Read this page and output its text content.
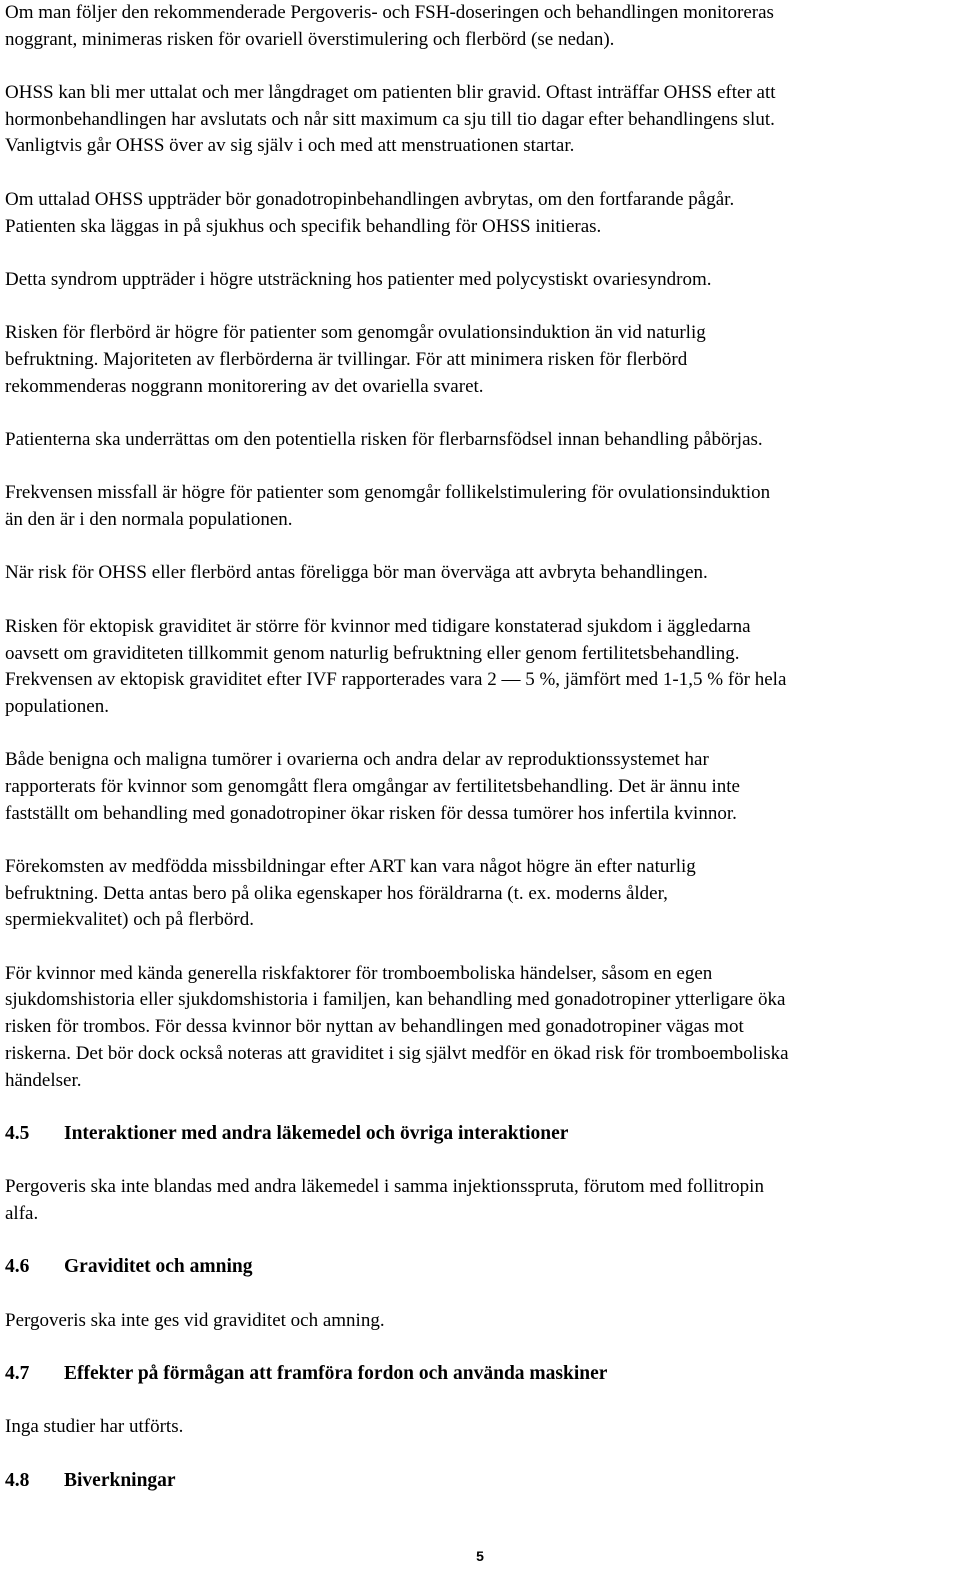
Om man följer den rekommenderade Pergoveris- och FSH-doseringen och behandlingen monitoreras
noggrant, minimeras risken för ovariell överstimulering och flerbörd (se nedan).
OHSS kan bli mer uttalat och mer långdraget om patienten blir gravid. Oftast inträffar OHSS efter att
hormonbehandlingen har avslutats och når sitt maximum ca sju till tio dagar efter behandlingens slut.
Vanligtvis går OHSS över av sig själv i och med att menstruationen startar.
Om uttalad OHSS uppträder bör gonadotropinbehandlingen avbrytas, om den fortfarande pågår.
Patienten ska läggas in på sjukhus och specifik behandling för OHSS initieras.
Detta syndrom uppträder i högre utsträckning hos patienter med polycystiskt ovariesyndrom.
Risken för flerbörd är högre för patienter som genomgår ovulationsinduktion än vid naturlig
befruktning. Majoriteten av flerbörderna är tvillingar. För att minimera risken för flerbörd
rekommenderas noggrann monitorering av det ovariella svaret.
Patienterna ska underrättas om den potentiella risken för flerbarnsfödsel innan behandling påbörjas.
Frekvensen missfall är högre för patienter som genomgår follikelstimulering för ovulationsinduktion
än den är i den normala populationen.
När risk för OHSS eller flerbörd antas föreligga bör man överväga att avbryta behandlingen.
Risken för ektopisk graviditet är större för kvinnor med tidigare konstaterad sjukdom i äggledarna
oavsett om graviditeten tillkommit genom naturlig befruktning eller genom fertilitetsbehandling.
Frekvensen av ektopisk graviditet efter IVF rapporterades vara 2 — 5 %, jämfört med 1-1,5 % för hela
populationen.
Både benigna och maligna tumörer i ovarierna och andra delar av reproduktionssystemet har
rapporterats för kvinnor som genomgått flera omgångar av fertilitetsbehandling. Det är ännu inte
fastställt om behandling med gonadotropiner ökar risken för dessa tumörer hos infertila kvinnor.
Förekomsten av medfödda missbildningar efter ART kan vara något högre än efter naturlig
befruktning. Detta antas bero på olika egenskaper hos föräldrarna (t. ex. moderns ålder,
spermiekvalitet) och på flerbörd.
För kvinnor med kända generella riskfaktorer för tromboemboliska händelser, såsom en egen
sjukdomshistoria eller sjukdomshistoria i familjen, kan behandling med gonadotropiner ytterligare öka
risken för trombos. För dessa kvinnor bör nyttan av behandlingen med gonadotropiner vägas mot
riskerna. Det bör dock också noteras att graviditet i sig självt medför en ökad risk för tromboemboliska
händelser.
4.5	Interaktioner med andra läkemedel och övriga interaktioner
Pergoveris ska inte blandas med andra läkemedel i samma injektionsspruta, förutom med follitropin
alfa.
4.6	Graviditet och amning
Pergoveris ska inte ges vid graviditet och amning.
4.7	Effekter på förmågan att framföra fordon och använda maskiner
Inga studier har utförts.
4.8	Biverkningar
5
